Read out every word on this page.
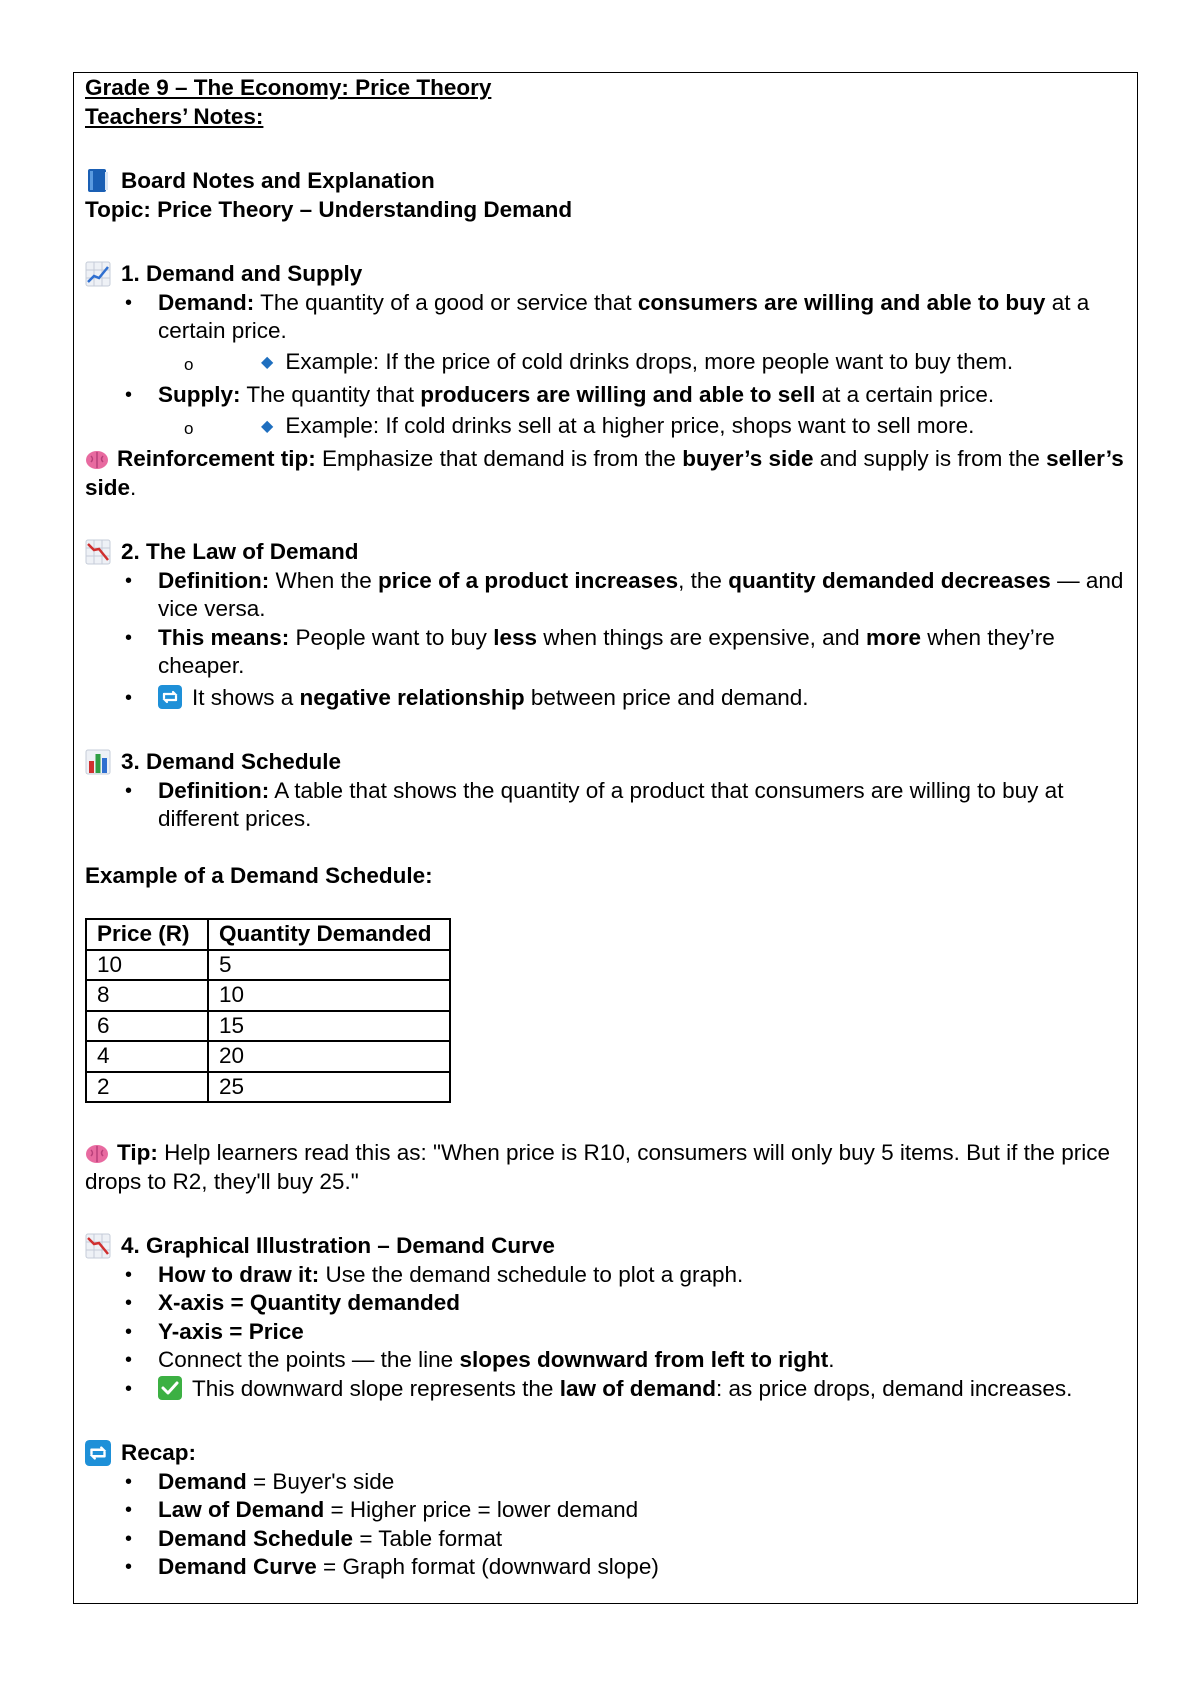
Grade 9 – The Economy: Price Theory
Teachers’ Notes:
Board Notes and Explanation
Topic: Price Theory – Understanding Demand
1. Demand and Supply
• Demand: The quantity of a good or service that consumers are willing and able to buy at a certain price.
o ◆ Example: If the price of cold drinks drops, more people want to buy them.
• Supply: The quantity that producers are willing and able to sell at a certain price.
o ◆ Example: If cold drinks sell at a higher price, shops want to sell more.
Reinforcement tip: Emphasize that demand is from the buyer’s side and supply is from the seller’s side.
2. The Law of Demand
• Definition: When the price of a product increases, the quantity demanded decreases — and vice versa.
• This means: People want to buy less when things are expensive, and more when they’re cheaper.
• It shows a negative relationship between price and demand.
3. Demand Schedule
• Definition: A table that shows the quantity of a product that consumers are willing to buy at different prices.
Example of a Demand Schedule:
Price (R)	Quantity Demanded
10	5
8	10
6	15
4	20
2	25
Tip: Help learners read this as: "When price is R10, consumers will only buy 5 items. But if the price drops to R2, they'll buy 25."
4. Graphical Illustration – Demand Curve
• How to draw it: Use the demand schedule to plot a graph.
• X-axis = Quantity demanded
• Y-axis = Price
• Connect the points — the line slopes downward from left to right.
• This downward slope represents the law of demand: as price drops, demand increases.
Recap:
• Demand = Buyer's side
• Law of Demand = Higher price = lower demand
• Demand Schedule = Table format
• Demand Curve = Graph format (downward slope)
